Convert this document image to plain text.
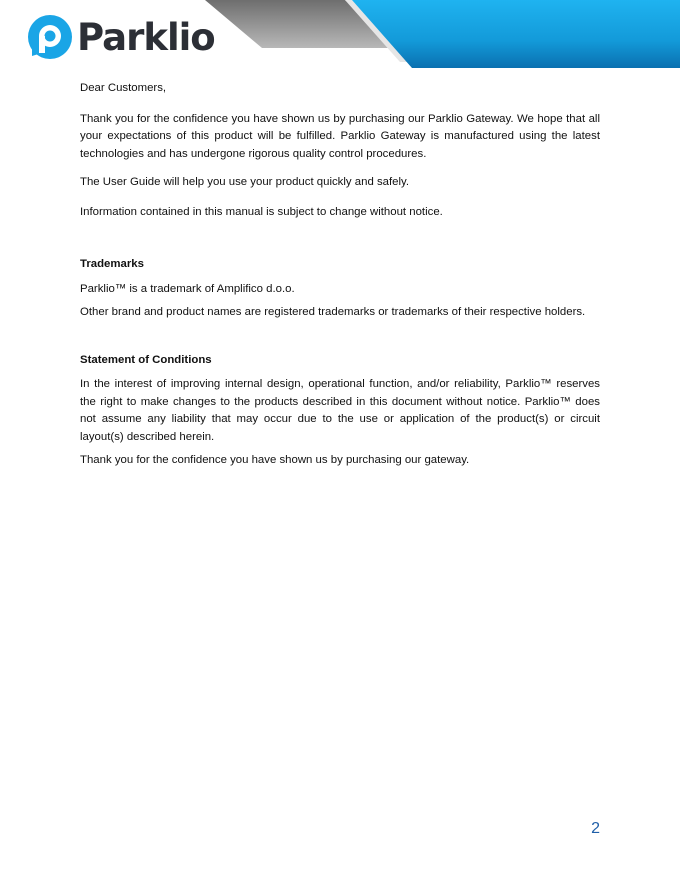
Parklio

Dear Customers,

Thank you for the confidence you have shown us by purchasing our Parklio Gateway. We hope that all your expectations of this product will be fulfilled. Parklio Gateway is manufactured using the latest technologies and has undergone rigorous quality control procedures.

The User Guide will help you use your product quickly and safely.

Information contained in this manual is subject to change without notice.

Trademarks

Parklio™ is a trademark of Amplifico d.o.o.

Other brand and product names are registered trademarks or trademarks of their respective holders.

Statement of Conditions

In the interest of improving internal design, operational function, and/or reliability, Parklio™ reserves the right to make changes to the products described in this document without notice. Parklio™ does not assume any liability that may occur due to the use or application of the product(s) or circuit layout(s) described herein.

Thank you for the confidence you have shown us by purchasing our gateway.

2
